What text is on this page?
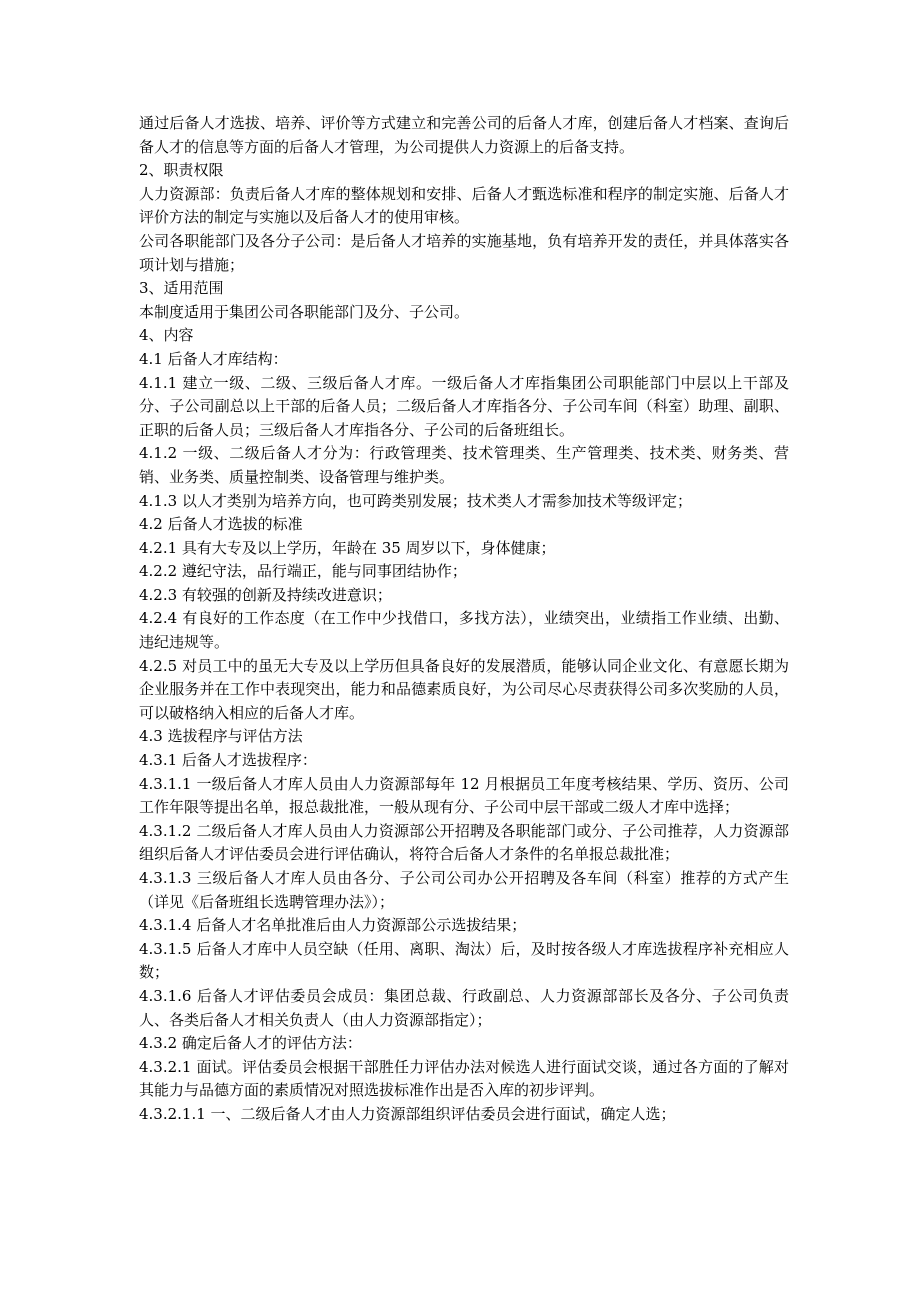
通过后备人才选拔、培养、评价等方式建立和完善公司的后备人才库，创建后备人才档案、查询后备人才的信息等方面的后备人才管理，为公司提供人力资源上的后备支持。

2、职责权限

人力资源部：负责后备人才库的整体规划和安排、后备人才甄选标准和程序的制定实施、后备人才评价方法的制定与实施以及后备人才的使用审核。

公司各职能部门及各分子公司：是后备人才培养的实施基地，负有培养开发的责任，并具体落实各项计划与措施；

3、适用范围

本制度适用于集团公司各职能部门及分、子公司。

4、内容

4.1 后备人才库结构：

4.1.1 建立一级、二级、三级后备人才库。一级后备人才库指集团公司职能部门中层以上干部及分、子公司副总以上干部的后备人员；二级后备人才库指各分、子公司车间（科室）助理、副职、正职的后备人员；三级后备人才库指各分、子公司的后备班组长。

4.1.2 一级、二级后备人才分为：行政管理类、技术管理类、生产管理类、技术类、财务类、营销、业务类、质量控制类、设备管理与维护类。

4.1.3 以人才类别为培养方向，也可跨类别发展；技术类人才需参加技术等级评定；

4.2 后备人才选拔的标准

4.2.1 具有大专及以上学历，年龄在 35 周岁以下，身体健康；

4.2.2 遵纪守法，品行端正，能与同事团结协作；

4.2.3 有较强的创新及持续改进意识；

4.2.4 有良好的工作态度（在工作中少找借口，多找方法），业绩突出，业绩指工作业绩、出勤、违纪违规等。

4.2.5 对员工中的虽无大专及以上学历但具备良好的发展潜质，能够认同企业文化、有意愿长期为企业服务并在工作中表现突出，能力和品德素质良好，为公司尽心尽责获得公司多次奖励的人员，可以破格纳入相应的后备人才库。

4.3 选拔程序与评估方法

4.3.1 后备人才选拔程序：

4.3.1.1 一级后备人才库人员由人力资源部每年 12 月根据员工年度考核结果、学历、资历、公司工作年限等提出名单，报总裁批准，一般从现有分、子公司中层干部或二级人才库中选择；

4.3.1.2 二级后备人才库人员由人力资源部公开招聘及各职能部门或分、子公司推荐，人力资源部组织后备人才评估委员会进行评估确认，将符合后备人才条件的名单报总裁批准；

4.3.1.3 三级后备人才库人员由各分、子公司公司办公开招聘及各车间（科室）推荐的方式产生（详见《后备班组长选聘管理办法》）；

4.3.1.4 后备人才名单批准后由人力资源部公示选拔结果；

4.3.1.5 后备人才库中人员空缺（任用、离职、淘汰）后，及时按各级人才库选拔程序补充相应人数；

4.3.1.6 后备人才评估委员会成员：集团总裁、行政副总、人力资源部部长及各分、子公司负责人、各类后备人才相关负责人（由人力资源部指定）；

4.3.2 确定后备人才的评估方法：

4.3.2.1 面试。评估委员会根据干部胜任力评估办法对候选人进行面试交谈，通过各方面的了解对其能力与品德方面的素质情况对照选拔标准作出是否入库的初步评判。

4.3.2.1.1 一、二级后备人才由人力资源部组织评估委员会进行面试，确定人选；
